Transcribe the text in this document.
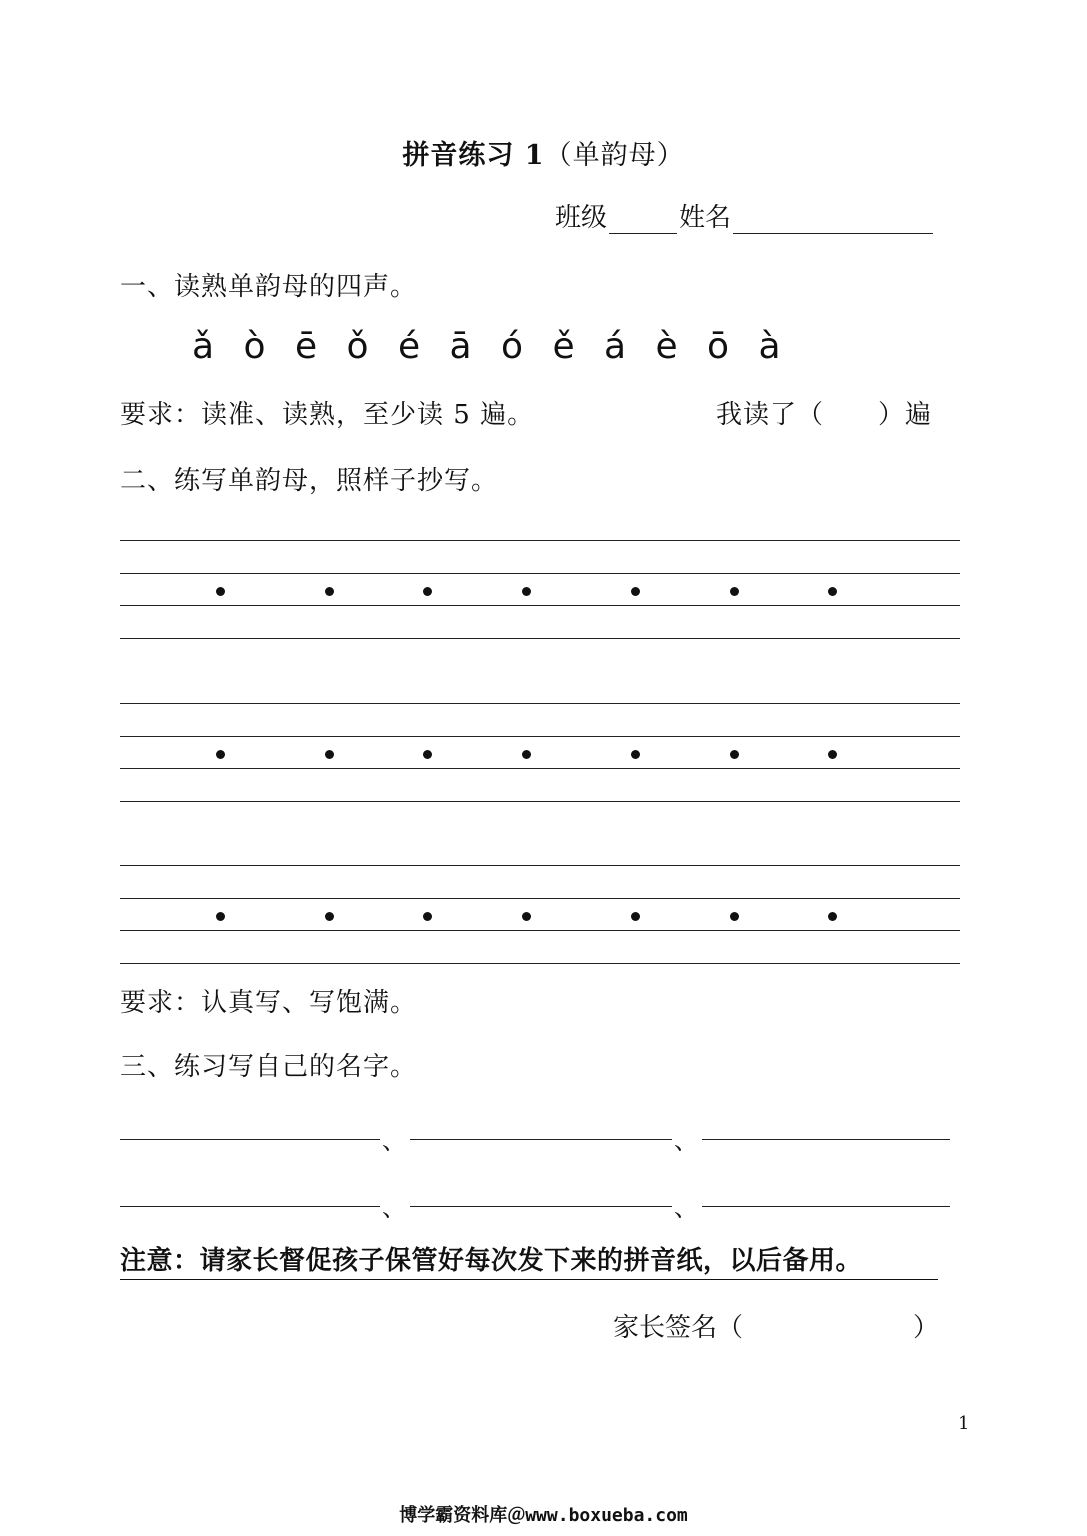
拼音练习 1（单韵母）
班级	姓名
一、读熟单韵母的四声。
ǎ ò ē ǒ é ā ó ě á è ō à
要求：读准、读熟，至少读 5 遍。	我读了（ ）遍
二、练写单韵母，照样子抄写。
要求：认真写、写饱满。
三、练习写自己的名字。
、	、
、	、
注意：请家长督促孩子保管好每次发下来的拼音纸，以后备用。
家长签名（	）
1
博学霸资料库＠www.boxueba.com
